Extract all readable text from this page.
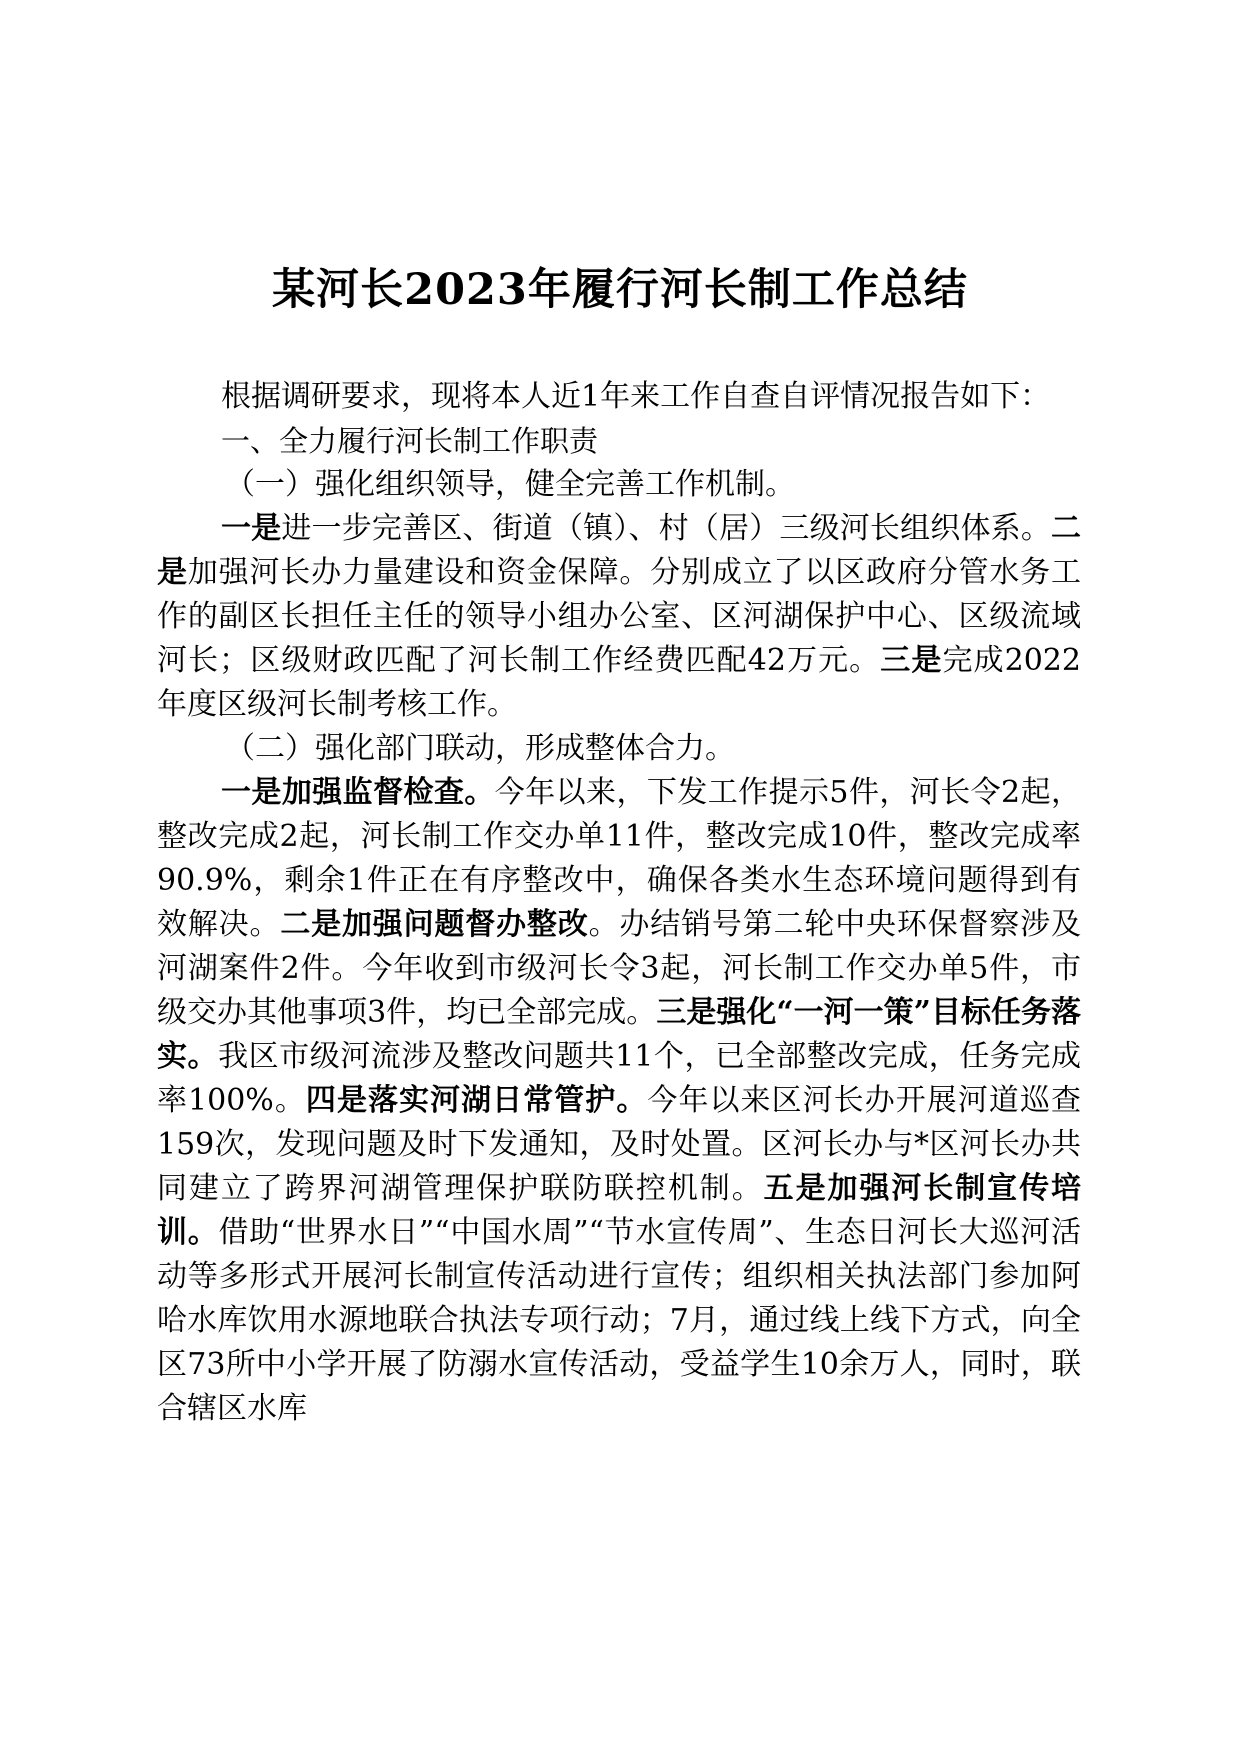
某河长2023年履行河长制工作总结

根据调研要求，现将本人近1年来工作自查自评情况报告如下：

一、全力履行河长制工作职责

（一）强化组织领导，健全完善工作机制。

一是进一步完善区、街道（镇）、村（居）三级河长组织体系。二是加强河长办力量建设和资金保障。分别成立了以区政府分管水务工作的副区长担任主任的领导小组办公室、区河湖保护中心、区级流域河长；区级财政匹配了河长制工作经费匹配42万元。三是完成2022年度区级河长制考核工作。

（二）强化部门联动，形成整体合力。

一是加强监督检查。今年以来，下发工作提示5件，河长令2起，整改完成2起，河长制工作交办单11件，整改完成10件，整改完成率90.9%，剩余1件正在有序整改中，确保各类水生态环境问题得到有效解决。二是加强问题督办整改。办结销号第二轮中央环保督察涉及河湖案件2件。今年收到市级河长令3起，河长制工作交办单5件，市级交办其他事项3件，均已全部完成。三是强化“一河一策”目标任务落实。我区市级河流涉及整改问题共11个，已全部整改完成，任务完成率100%。四是落实河湖日常管护。今年以来区河长办开展河道巡查159次，发现问题及时下发通知，及时处置。区河长办与*区河长办共同建立了跨界河湖管理保护联防联控机制。五是加强河长制宣传培训。借助“世界水日”“中国水周”“节水宣传周”、生态日河长大巡河活动等多形式开展河长制宣传活动进行宣传；组织相关执法部门参加阿哈水库饮用水源地联合执法专项行动；7月，通过线上线下方式，向全区73所中小学开展了防溺水宣传活动，受益学生10余万人，同时，联合辖区水库
